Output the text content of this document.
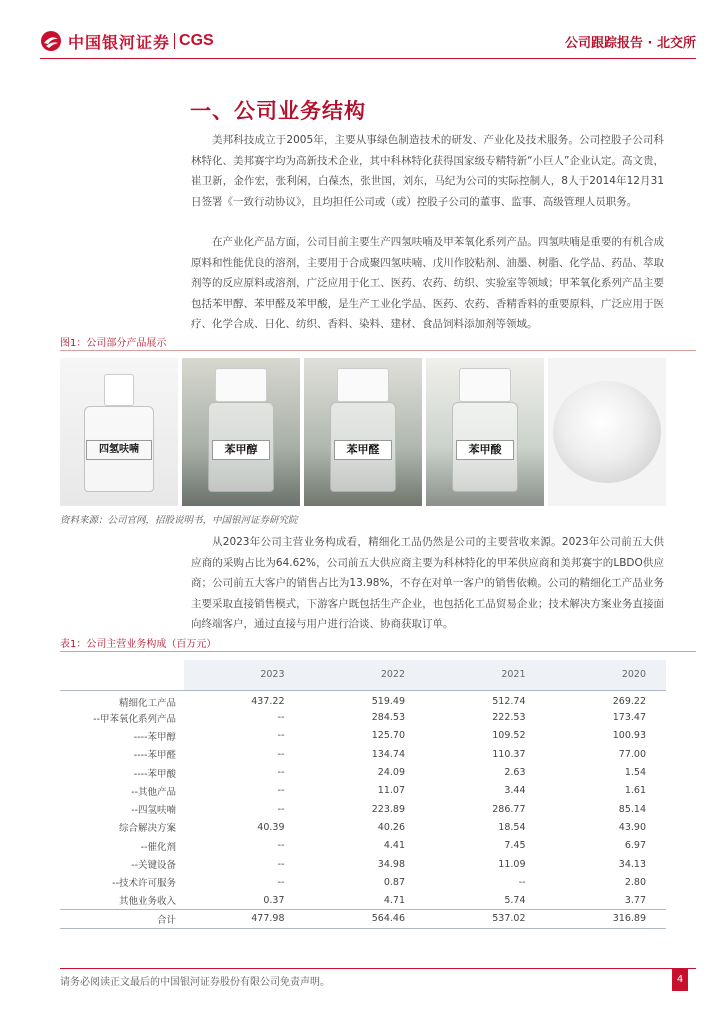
中国银河证券 CGS	公司跟踪报告 · 北交所
一、公司业务结构

美邦科技成立于2005年，主要从事绿色制造技术的研发、产业化及技术服务。公司控股子公司科林特化、美邦赛宇均为高新技术企业，其中科林特化获得国家级专精特新“小巨人”企业认定。高文贵，崔卫新，金作宏，张利闲，白葆杰，张世国，刘东，马纪为公司的实际控制人，8人于2014年12月31日签署《一致行动协议》，且均担任公司或（或）控股子公司的董事、监事、高级管理人员职务。

在产业化产品方面，公司目前主要生产四氢呋喃及甲苯氧化系列产品。四氢呋喃是重要的有机合成原料和性能优良的溶剂，主要用于合成聚四氢呋喃、戊川作胶粘剂、油墨、树脂、化学品、药品、萃取剂等的反应原料或溶剂，广泛应用于化工、医药、农药、纺织、实验室等领域；甲苯氧化系列产品主要包括苯甲醇、苯甲醛及苯甲酸，是生产工业化学品、医药、农药、香精香料的重要原料，广泛应用于医疗、化学合成、日化、纺织、香料、染料、建材、食品饲料添加剂等领域。

图1：公司部分产品展示
四氢呋喃	苯甲醇	苯甲醛	苯甲酸
资料来源：公司官网，招股说明书，中国银河证券研究院

从2023年公司主营业务构成看，精细化工品仍然是公司的主要营收来源。2023年公司前五大供应商的采购占比为64.62%，公司前五大供应商主要为科林特化的甲苯供应商和美邦赛宇的LBDO供应商；公司前五大客户的销售占比为13.98%，不存在对单一客户的销售依赖。公司的精细化工产品业务主要采取直接销售模式，下游客户既包括生产企业，也包括化工品贸易企业；技术解决方案业务直接面向终端客户，通过直接与用户进行洽谈、协商获取订单。

表1：公司主营业务构成（百万元）
	2023	2022	2021	2020
精细化工产品	437.22	519.49	512.74	269.22
--甲苯氧化系列产品	--	284.53	222.53	173.47
----苯甲醇	--	125.70	109.52	100.93
----苯甲醛	--	134.74	110.37	77.00
----苯甲酸	--	24.09	2.63	1.54
--其他产品	--	11.07	3.44	1.61
--四氢呋喃	--	223.89	286.77	85.14
综合解决方案	40.39	40.26	18.54	43.90
--催化剂	--	4.41	7.45	6.97
--关键设备	--	34.98	11.09	34.13
--技术许可服务	--	0.87	--	2.80
其他业务收入	0.37	4.71	5.74	3.77
合计	477.98	564.46	537.02	316.89
请务必阅读正文最后的中国银河证券股份有限公司免责声明。	4
